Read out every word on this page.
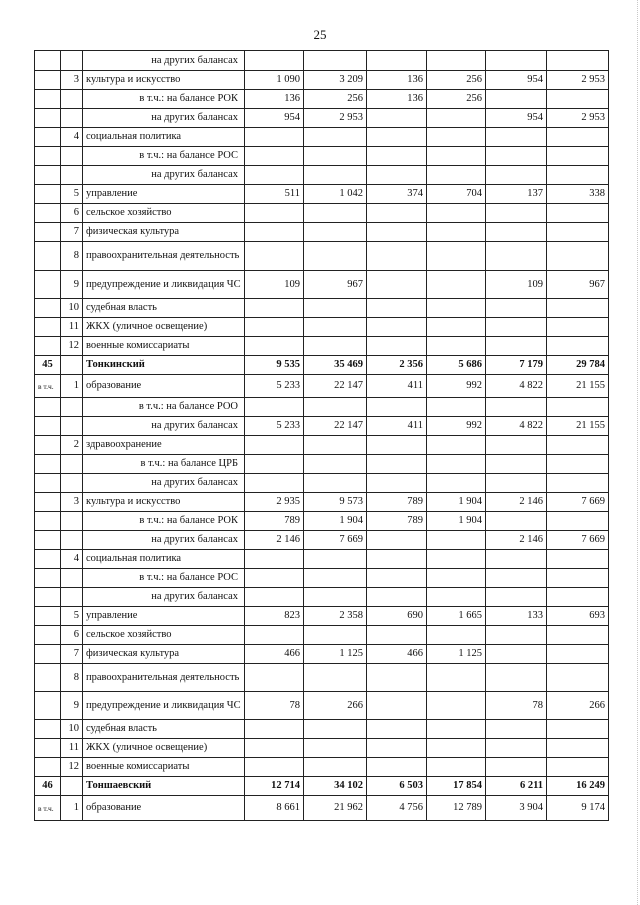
25
		на других балансах						
	3	культура и искусство	1 090	3 209	136	256	954	2 953
		в т.ч.: на балансе РОК	136	256	136	256		
		на других балансах	954	2 953			954	2 953
	4	социальная политика						
		в т.ч.: на балансе РОС						
		на других балансах						
	5	управление	511	1 042	374	704	137	338
	6	сельское хозяйство						
	7	физическая культура						
	8	правоохранительная деятельность						
	9	предупреждение и ликвидация ЧС	109	967			109	967
	10	судебная власть						
	11	ЖКХ (уличное освещение)						
	12	военные комиссариаты						
45		Тонкинский	9 535	35 469	2 356	5 686	7 179	29 784
в т.ч.	1	образование	5 233	22 147	411	992	4 822	21 155
		в т.ч.: на балансе РОО						
		на других балансах	5 233	22 147	411	992	4 822	21 155
	2	здравоохранение						
		в т.ч.: на балансе ЦРБ						
		на других балансах						
	3	культура и искусство	2 935	9 573	789	1 904	2 146	7 669
		в т.ч.: на балансе РОК	789	1 904	789	1 904		
		на других балансах	2 146	7 669			2 146	7 669
	4	социальная политика						
		в т.ч.: на балансе РОС						
		на других балансах						
	5	управление	823	2 358	690	1 665	133	693
	6	сельское хозяйство						
	7	физическая культура	466	1 125	466	1 125		
	8	правоохранительная деятельность						
	9	предупреждение и ликвидация ЧС	78	266			78	266
	10	судебная власть						
	11	ЖКХ (уличное освещение)						
	12	военные комиссариаты						
46		Тоншаевский	12 714	34 102	6 503	17 854	6 211	16 249
в т.ч.	1	образование	8 661	21 962	4 756	12 789	3 904	9 174
